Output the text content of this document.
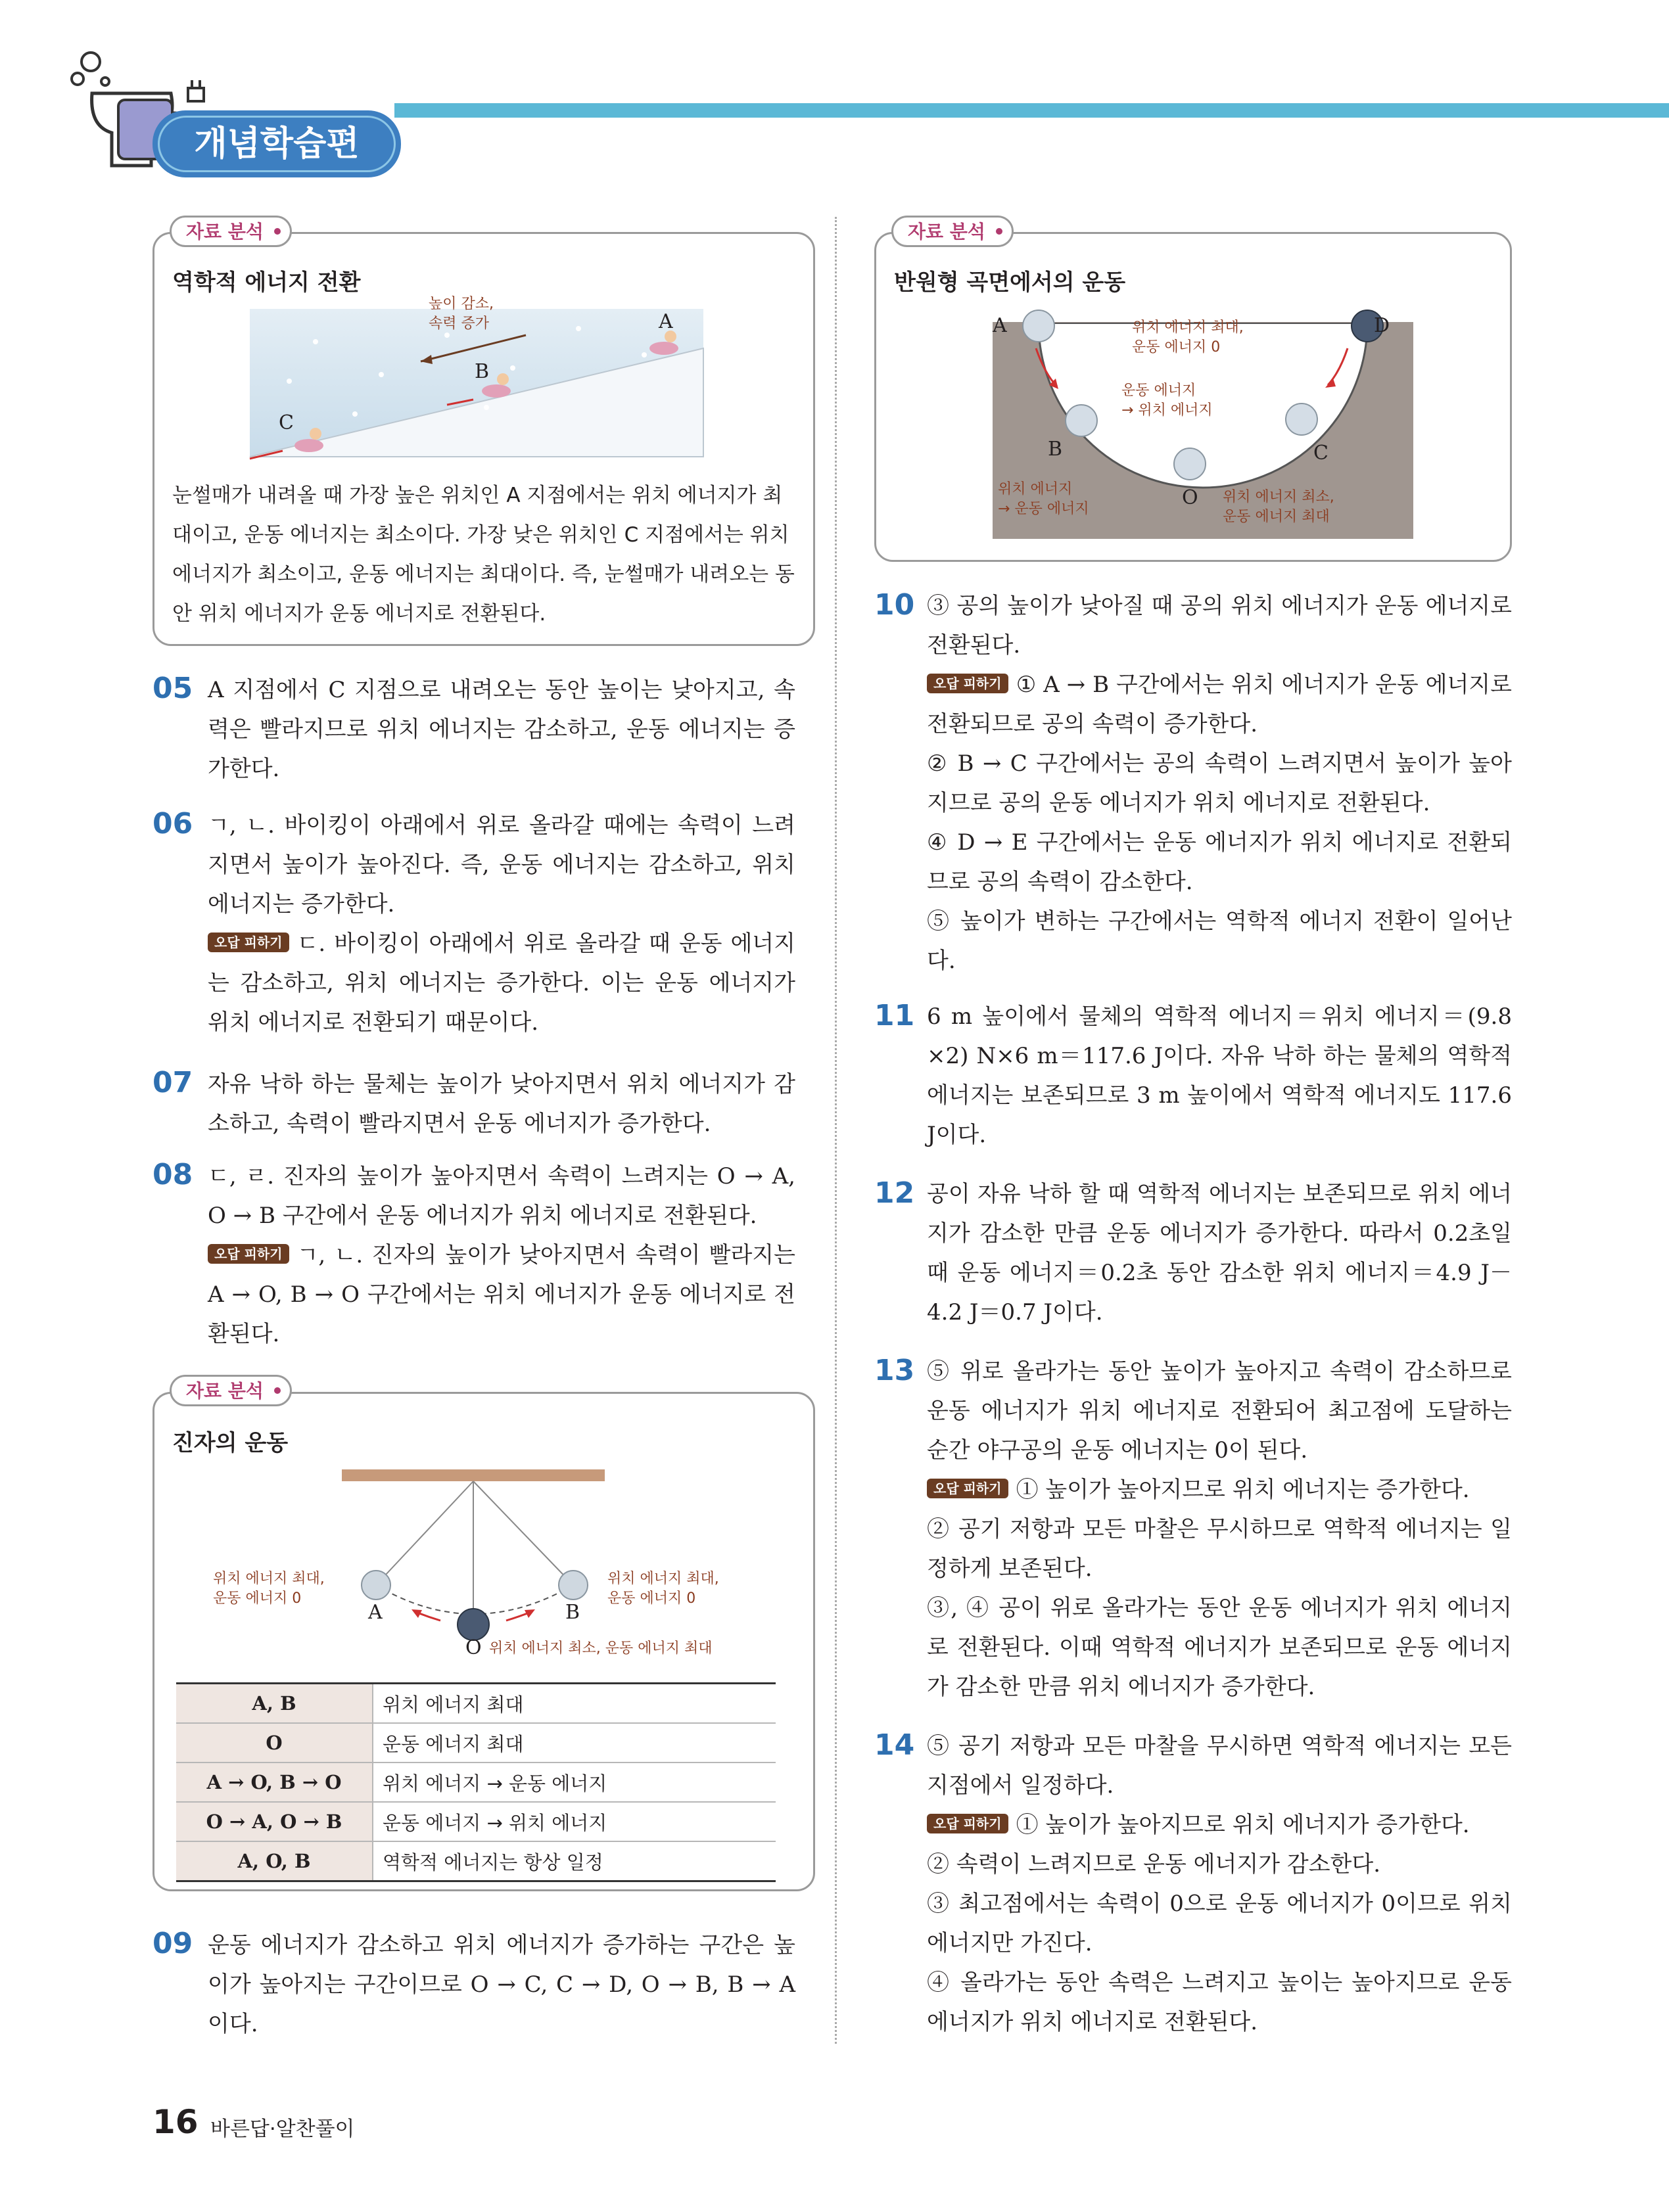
개념학습편
자료 분석
역학적 에너지 전환
높이 감소,
속력 증가	A
B
C
눈썰매가 내려올 때 가장 높은 위치인 A 지점에서는 위치 에너지가 최대이고, 운동 에너지는 최소이다. 가장 낮은 위치인 C 지점에서는 위치 에너지가 최소이고, 운동 에너지는 최대이다. 즉, 눈썰매가 내려오는 동안 위치 에너지가 운동 에너지로 전환된다.
05 A 지점에서 C 지점으로 내려오는 동안 높이는 낮아지고, 속력은 빨라지므로 위치 에너지는 감소하고, 운동 에너지는 증가한다.

06 ㄱ, ㄴ. 바이킹이 아래에서 위로 올라갈 때에는 속력이 느려지면서 높이가 높아진다. 즉, 운동 에너지는 감소하고, 위치 에너지는 증가한다.

오답 피하기 ㄷ. 바이킹이 아래에서 위로 올라갈 때 운동 에너지는 감소하고, 위치 에너지는 증가한다. 이는 운동 에너지가 위치 에너지로 전환되기 때문이다.

07 자유 낙하 하는 물체는 높이가 낮아지면서 위치 에너지가 감소하고, 속력이 빨라지면서 운동 에너지가 증가한다.

08 ㄷ, ㄹ. 진자의 높이가 높아지면서 속력이 느려지는 O → A, O → B 구간에서 운동 에너지가 위치 에너지로 전환된다.

오답 피하기 ㄱ, ㄴ. 진자의 높이가 낮아지면서 속력이 빨라지는 A → O, B → O 구간에서는 위치 에너지가 운동 에너지로 전환된다.

자료 분석
진자의 운동
위치 에너지 최대,
운동 에너지 0
위치 에너지 최대,
운동 에너지 0
A	B
O 위치 에너지 최소, 운동 에너지 최대
A, B	위치 에너지 최대
O	운동 에너지 최대
A → O, B → O	위치 에너지 → 운동 에너지
O → A, O → B	운동 에너지 → 위치 에너지
A, O, B	역학적 에너지는 항상 일정
09 운동 에너지가 감소하고 위치 에너지가 증가하는 구간은 높이가 높아지는 구간이므로 O → C, C → D, O → B, B → A이다.

자료 분석
반원형 곡면에서의 운동
위치 에너지 최대,
운동 에너지 0
운동 에너지
→ 위치 에너지
위치 에너지
→ 운동 에너지
위치 에너지 최소,
운동 에너지 최대
A	D
B	C
O
10 ③ 공의 높이가 낮아질 때 공의 위치 에너지가 운동 에너지로 전환된다.

오답 피하기 ① A → B 구간에서는 위치 에너지가 운동 에너지로 전환되므로 공의 속력이 증가한다.

② B → C 구간에서는 공의 속력이 느려지면서 높이가 높아지므로 공의 운동 에너지가 위치 에너지로 전환된다.

④ D → E 구간에서는 운동 에너지가 위치 에너지로 전환되므로 공의 속력이 감소한다.

⑤ 높이가 변하는 구간에서는 역학적 에너지 전환이 일어난다.

11 6 m 높이에서 물체의 역학적 에너지＝위치 에너지＝(9.8 ×2) N×6 m＝117.6 J이다. 자유 낙하 하는 물체의 역학적 에너지는 보존되므로 3 m 높이에서 역학적 에너지도 117.6 J이다.

12 공이 자유 낙하 할 때 역학적 에너지는 보존되므로 위치 에너지가 감소한 만큼 운동 에너지가 증가한다. 따라서 0.2초일 때 운동 에너지＝0.2초 동안 감소한 위치 에너지＝4.9 J－4.2 J＝0.7 J이다.

13 ⑤ 위로 올라가는 동안 높이가 높아지고 속력이 감소하므로 운동 에너지가 위치 에너지로 전환되어 최고점에 도달하는 순간 야구공의 운동 에너지는 0이 된다.

오답 피하기 ① 높이가 높아지므로 위치 에너지는 증가한다.

② 공기 저항과 모든 마찰은 무시하므로 역학적 에너지는 일정하게 보존된다.

③, ④ 공이 위로 올라가는 동안 운동 에너지가 위치 에너지로 전환된다. 이때 역학적 에너지가 보존되므로 운동 에너지가 감소한 만큼 위치 에너지가 증가한다.

14 ⑤ 공기 저항과 모든 마찰을 무시하면 역학적 에너지는 모든 지점에서 일정하다.

오답 피하기 ① 높이가 높아지므로 위치 에너지가 증가한다.

② 속력이 느려지므로 운동 에너지가 감소한다.

③ 최고점에서는 속력이 0으로 운동 에너지가 0이므로 위치 에너지만 가진다.

④ 올라가는 동안 속력은 느려지고 높이는 높아지므로 운동 에너지가 위치 에너지로 전환된다.

16 바른답·알찬풀이
